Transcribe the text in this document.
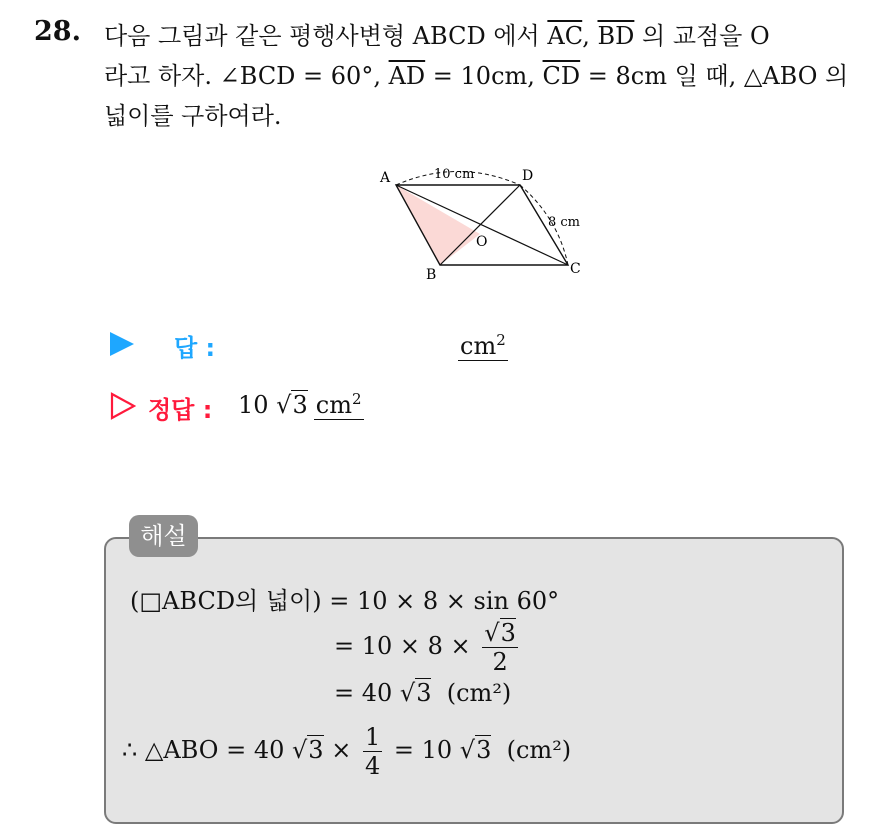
28. 다음 그림과 같은 평행사변형 ABCD 에서 $\overline{AC}$, $\overline{BD}$ 의 교점을 O
라고 하자. ∠BCD = 60°, $\overline{AD} = 10cm$, $\overline{CD} = 8cm$ 일 때, △ABO 의
넓이를 구하여라.
A	D
B	C
O
10 cm
8 cm
답 :	$cm^2$
정답 : 10 √3 $cm^2$
해설
(□ABCD의 넓이) = 10 × 8 × sin 60°
= $10 \times 8 \times \frac{√3}{2}$
= 40 √3 (cm²)
∴ △ABO = 40 $√3 \times \frac{1}{4} = 10$ √3 (cm²)
